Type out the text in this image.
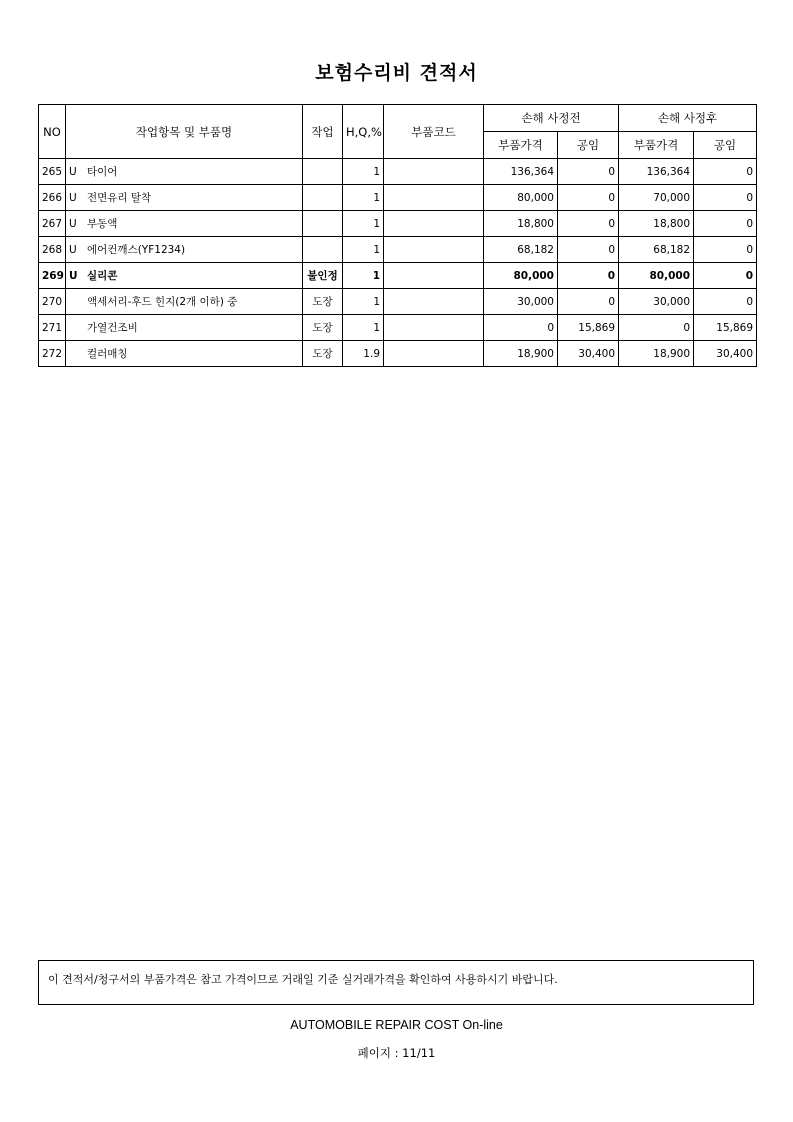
보험수리비 견적서
NO	작업항목 및 부품명	작업	H,Q,%	부품코드	손해 사정전		손해 사정후	
					부품가격	공임	부품가격	공임
265	U 타이어		1		136,364	0	136,364	0
266	U 전면유리 탈착		1		80,000	0	70,000	0
267	U 부동액		1		18,800	0	18,800	0
268	U 에어컨깨스(YF1234)		1		68,182	0	68,182	0
269	U 실리콘	불인정	1		80,000	0	80,000	0
270	액세서리-후드 힌지(2개 이하) 중	도장	1		30,000	0	30,000	0
271	가열건조비	도장	1		0	15,869	0	15,869
272	컬러매칭	도장	1.9		18,900	30,400	18,900	30,400
이 견적서/청구서의 부품가격은 참고 가격이므로 거래일 기준 실거래가격을 확인하여 사용하시기 바랍니다.
AUTOMOBILE REPAIR COST On-line
페이지 : 11/11
